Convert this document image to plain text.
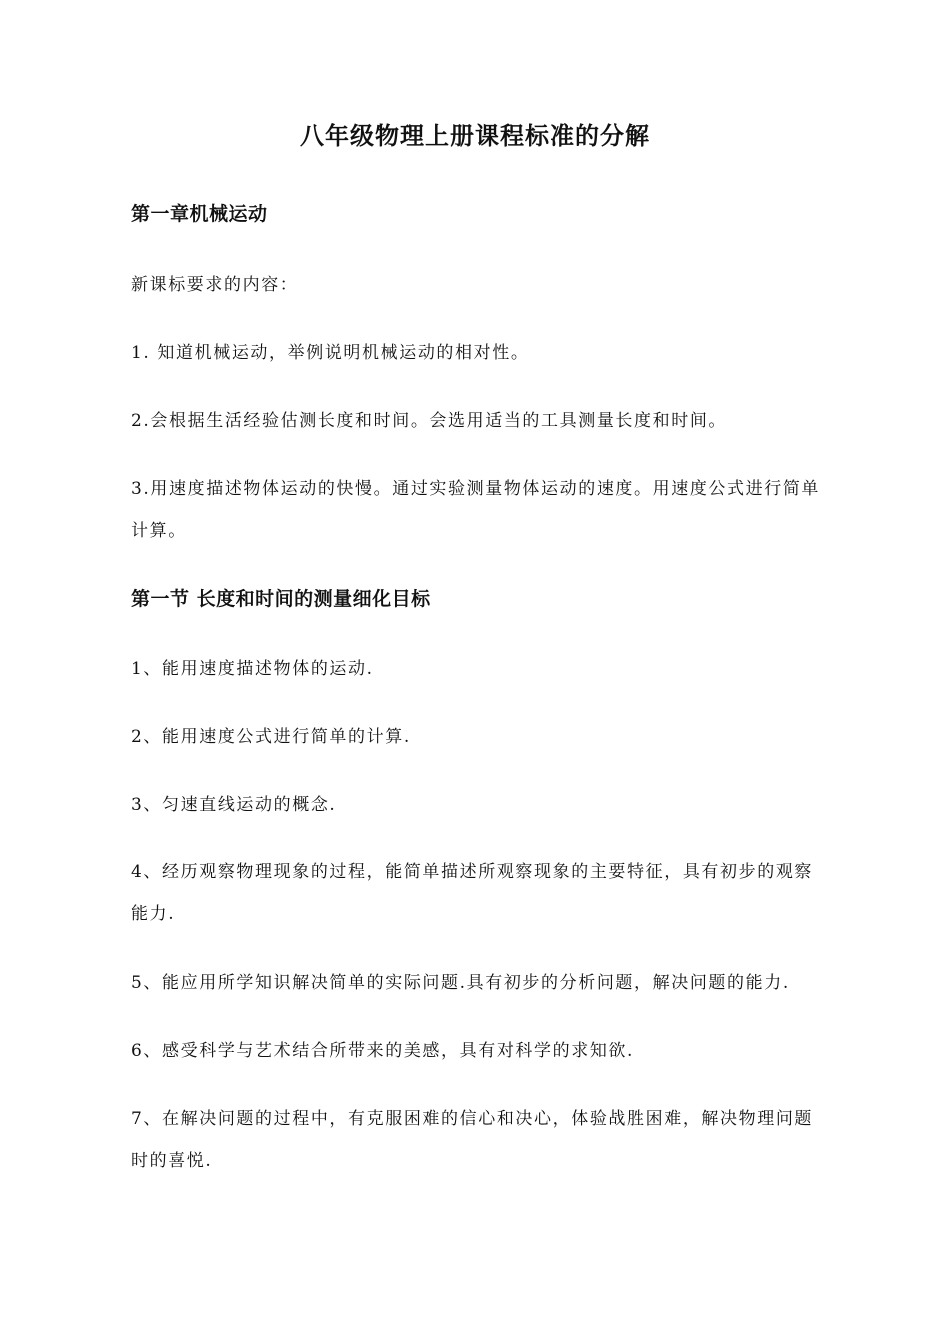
八年级物理上册课程标准的分解
第一章机械运动
新课标要求的内容：
1. 知道机械运动，举例说明机械运动的相对性。
2.会根据生活经验估测长度和时间。会选用适当的工具测量长度和时间。
3.用速度描述物体运动的快慢。通过实验测量物体运动的速度。用速度公式进行简单计算。
第一节 长度和时间的测量细化目标
1、能用速度描述物体的运动.
2、能用速度公式进行简单的计算.
3、匀速直线运动的概念.
4、经历观察物理现象的过程，能简单描述所观察现象的主要特征，具有初步的观察能力.
5、能应用所学知识解决简单的实际问题.具有初步的分析问题，解决问题的能力.
6、感受科学与艺术结合所带来的美感，具有对科学的求知欲.
7、在解决问题的过程中，有克服困难的信心和决心，体验战胜困难，解决物理问题时的喜悦.
